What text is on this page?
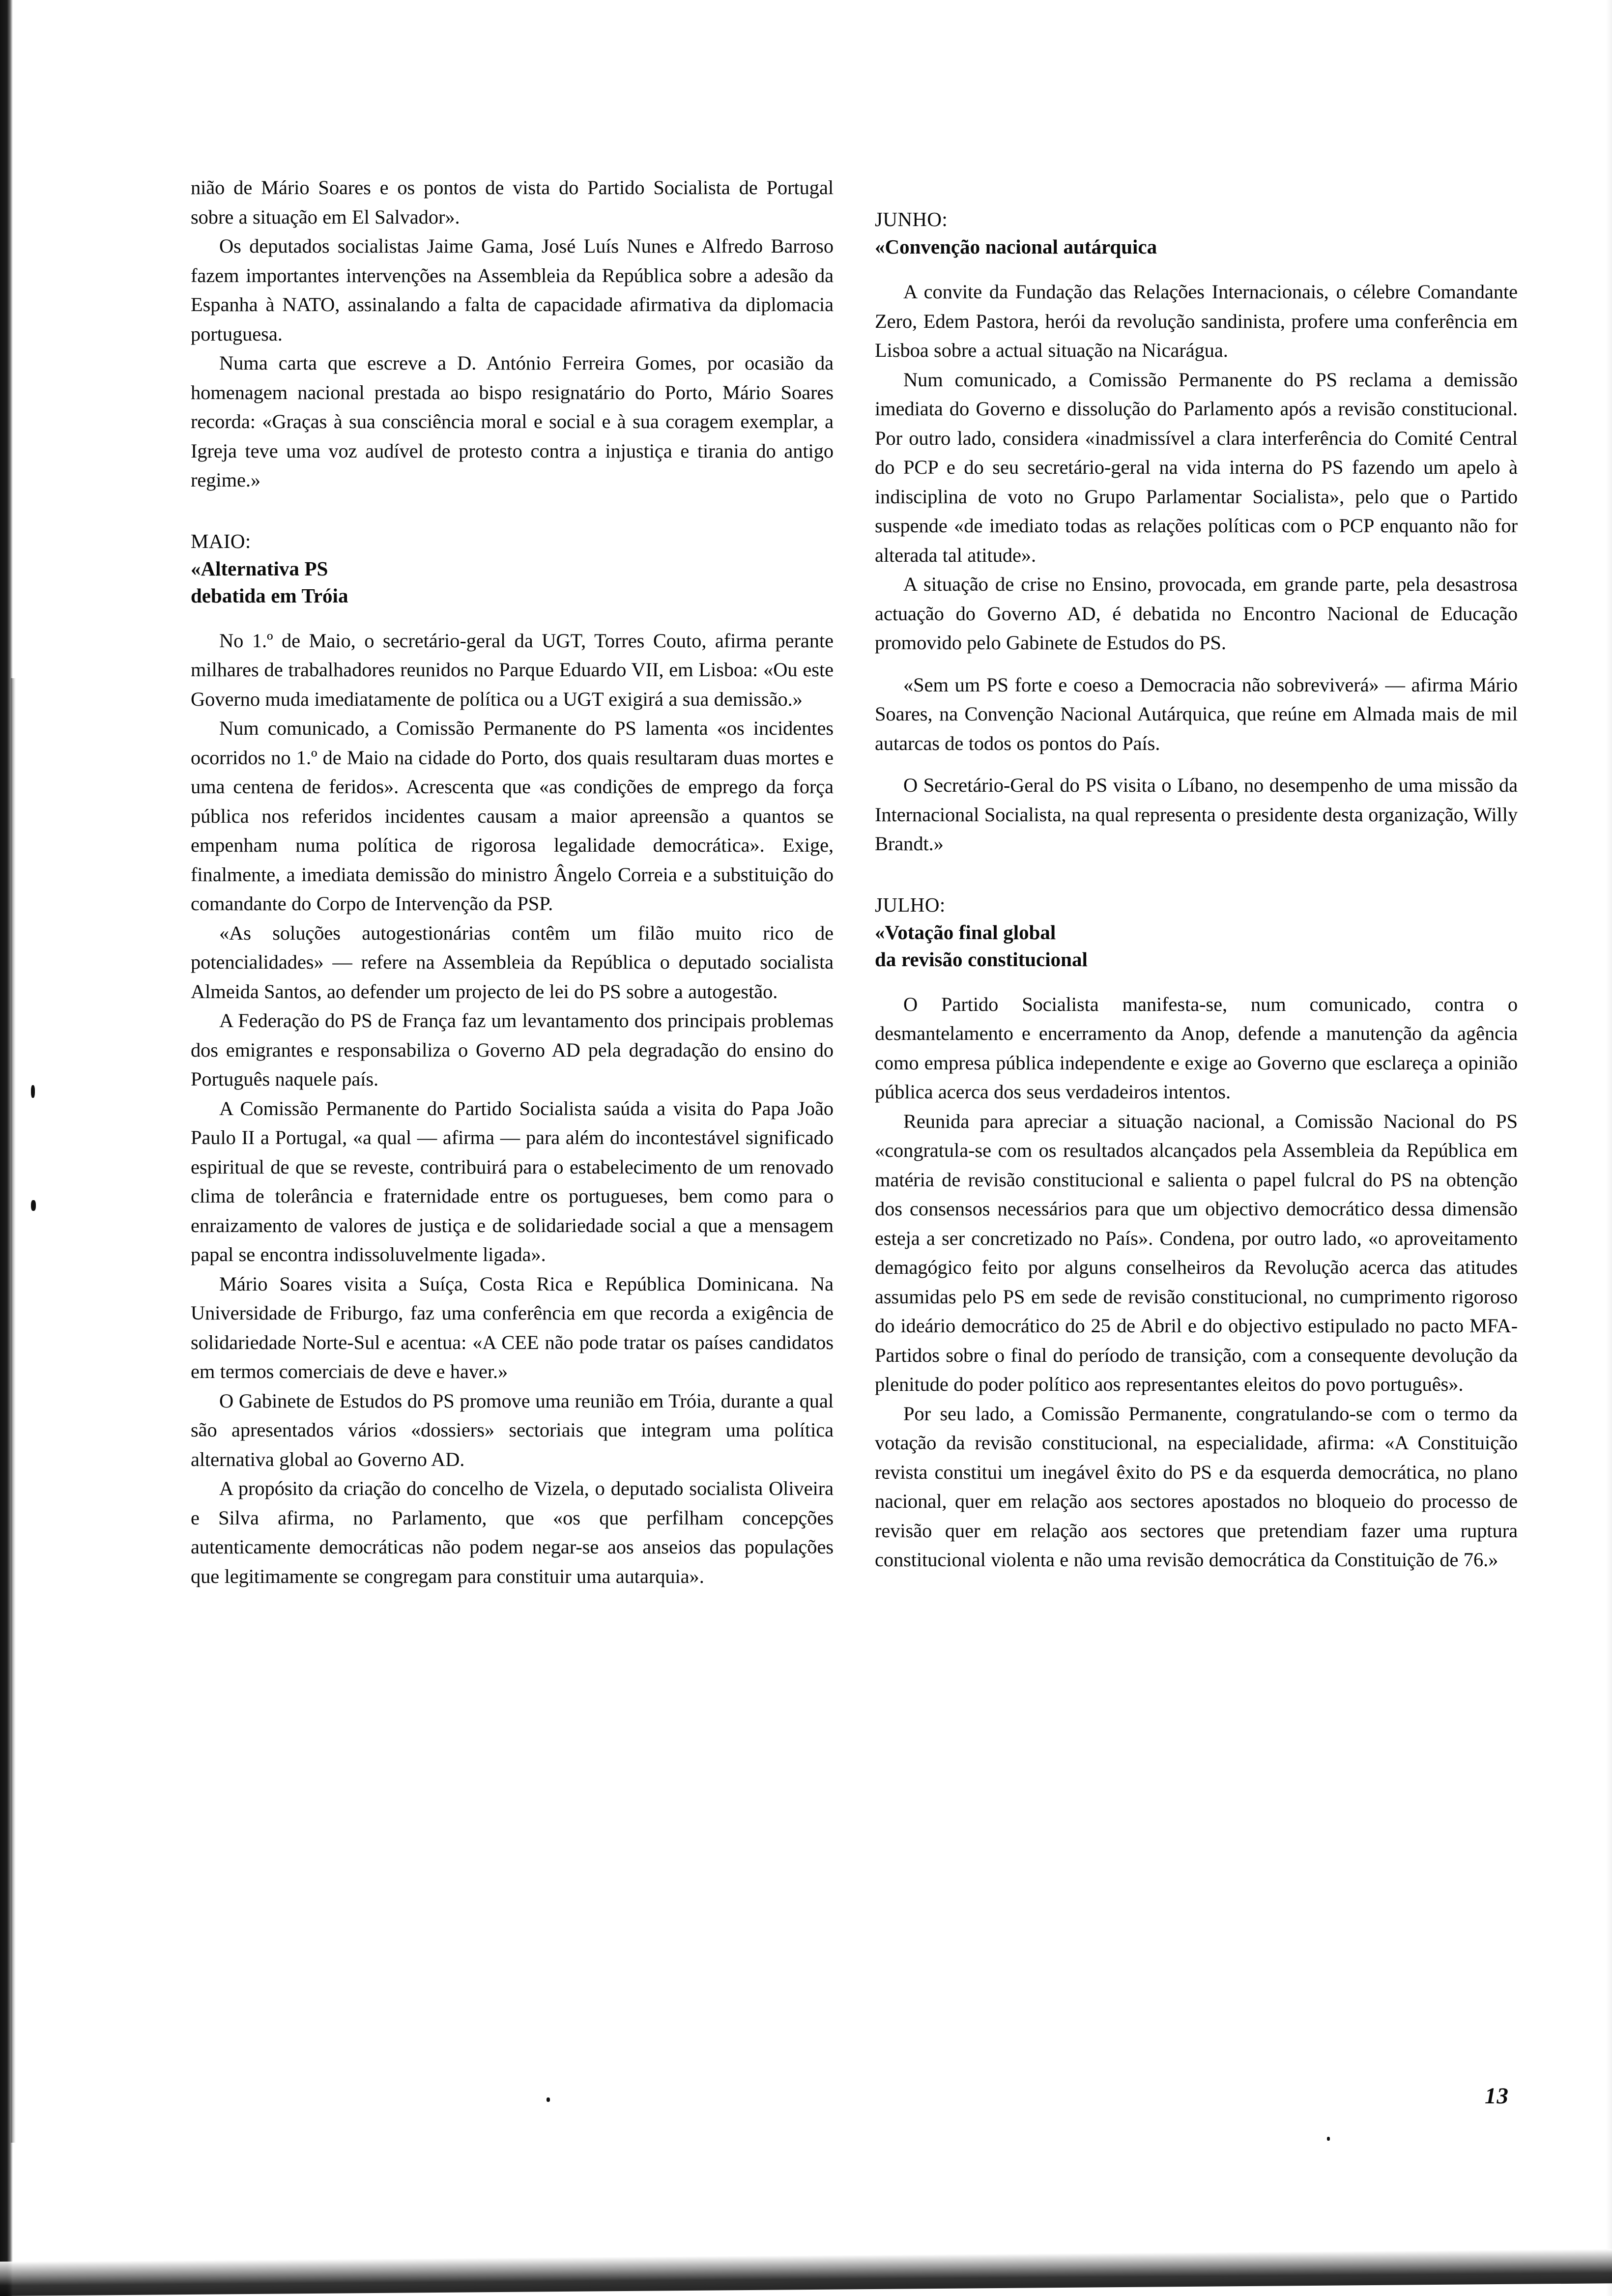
nião de Mário Soares e os pontos de vista do Partido Socialista de Portugal sobre a situação em El Salvador».

Os deputados socialistas Jaime Gama, José Luís Nunes e Alfredo Barroso fazem importantes intervenções na Assembleia da República sobre a adesão da Espanha à NATO, assinalando a falta de capacidade afirmativa da diplomacia portuguesa.

Numa carta que escreve a D. António Ferreira Gomes, por ocasião da homenagem nacional prestada ao bispo resignatário do Porto, Mário Soares recorda: «Graças à sua consciência moral e social e à sua coragem exemplar, a Igreja teve uma voz audível de protesto contra a injustiça e tirania do antigo regime.»

MAIO:
«Alternativa PS
debatida em Tróia

No 1.º de Maio, o secretário-geral da UGT, Torres Couto, afirma perante milhares de trabalhadores reunidos no Parque Eduardo VII, em Lisboa: «Ou este Governo muda imediatamente de política ou a UGT exigirá a sua demissão.»

Num comunicado, a Comissão Permanente do PS lamenta «os incidentes ocorridos no 1.º de Maio na cidade do Porto, dos quais resultaram duas mortes e uma centena de feridos». Acrescenta que «as condições de emprego da força pública nos referidos incidentes causam a maior apreensão a quantos se empenham numa política de rigorosa legalidade democrática». Exige, finalmente, a imediata demissão do ministro Ângelo Correia e a substituição do comandante do Corpo de Intervenção da PSP.

«As soluções autogestionárias contêm um filão muito rico de potencialidades» — refere na Assembleia da República o deputado socialista Almeida Santos, ao defender um projecto de lei do PS sobre a autogestão.

A Federação do PS de França faz um levantamento dos principais problemas dos emigrantes e responsabiliza o Governo AD pela degradação do ensino do Português naquele país.

A Comissão Permanente do Partido Socialista saúda a visita do Papa João Paulo II a Portugal, «a qual — afirma — para além do incontestável significado espiritual de que se reveste, contribuirá para o estabelecimento de um renovado clima de tolerância e fraternidade entre os portugueses, bem como para o enraizamento de valores de justiça e de solidariedade social a que a mensagem papal se encontra indissoluvelmente ligada».

Mário Soares visita a Suíça, Costa Rica e República Dominicana. Na Universidade de Friburgo, faz uma conferência em que recorda a exigência de solidariedade Norte-Sul e acentua: «A CEE não pode tratar os países candidatos em termos comerciais de deve e haver.»

O Gabinete de Estudos do PS promove uma reunião em Tróia, durante a qual são apresentados vários «dossiers» sectoriais que integram uma política alternativa global ao Governo AD.

A propósito da criação do concelho de Vizela, o deputado socialista Oliveira e Silva afirma, no Parlamento, que «os que perfilham concepções autenticamente democráticas não podem negar-se aos anseios das populações que legitimamente se congregam para constituir uma autarquia».

JUNHO:
«Convenção nacional autárquica

A convite da Fundação das Relações Internacionais, o célebre Comandante Zero, Edem Pastora, herói da revolução sandinista, profere uma conferência em Lisboa sobre a actual situação na Nicarágua.

Num comunicado, a Comissão Permanente do PS reclama a demissão imediata do Governo e dissolução do Parlamento após a revisão constitucional. Por outro lado, considera «inadmissível a clara interferência do Comité Central do PCP e do seu secretário-geral na vida interna do PS fazendo um apelo à indisciplina de voto no Grupo Parlamentar Socialista», pelo que o Partido suspende «de imediato todas as relações políticas com o PCP enquanto não for alterada tal atitude».

A situação de crise no Ensino, provocada, em grande parte, pela desastrosa actuação do Governo AD, é debatida no Encontro Nacional de Educação promovido pelo Gabinete de Estudos do PS.

«Sem um PS forte e coeso a Democracia não sobreviverá» — afirma Mário Soares, na Convenção Nacional Autárquica, que reúne em Almada mais de mil autarcas de todos os pontos do País.

O Secretário-Geral do PS visita o Líbano, no desempenho de uma missão da Internacional Socialista, na qual representa o presidente desta organização, Willy Brandt.»

JULHO:
«Votação final global
da revisão constitucional

O Partido Socialista manifesta-se, num comunicado, contra o desmantelamento e encerramento da Anop, defende a manutenção da agência como empresa pública independente e exige ao Governo que esclareça a opinião pública acerca dos seus verdadeiros intentos.

Reunida para apreciar a situação nacional, a Comissão Nacional do PS «congratula-se com os resultados alcançados pela Assembleia da República em matéria de revisão constitucional e salienta o papel fulcral do PS na obtenção dos consensos necessários para que um objectivo democrático dessa dimensão esteja a ser concretizado no País». Condena, por outro lado, «o aproveitamento demagógico feito por alguns conselheiros da Revolução acerca das atitudes assumidas pelo PS em sede de revisão constitucional, no cumprimento rigoroso do ideário democrático do 25 de Abril e do objectivo estipulado no pacto MFA-Partidos sobre o final do período de transição, com a consequente devolução da plenitude do poder político aos representantes eleitos do povo português».

Por seu lado, a Comissão Permanente, congratulando-se com o termo da votação da revisão constitucional, na especialidade, afirma: «A Constituição revista constitui um inegável êxito do PS e da esquerda democrática, no plano nacional, quer em relação aos sectores apostados no bloqueio do processo de revisão quer em relação aos sectores que pretendiam fazer uma ruptura constitucional violenta e não uma revisão democrática da Constituição de 76.»

13
